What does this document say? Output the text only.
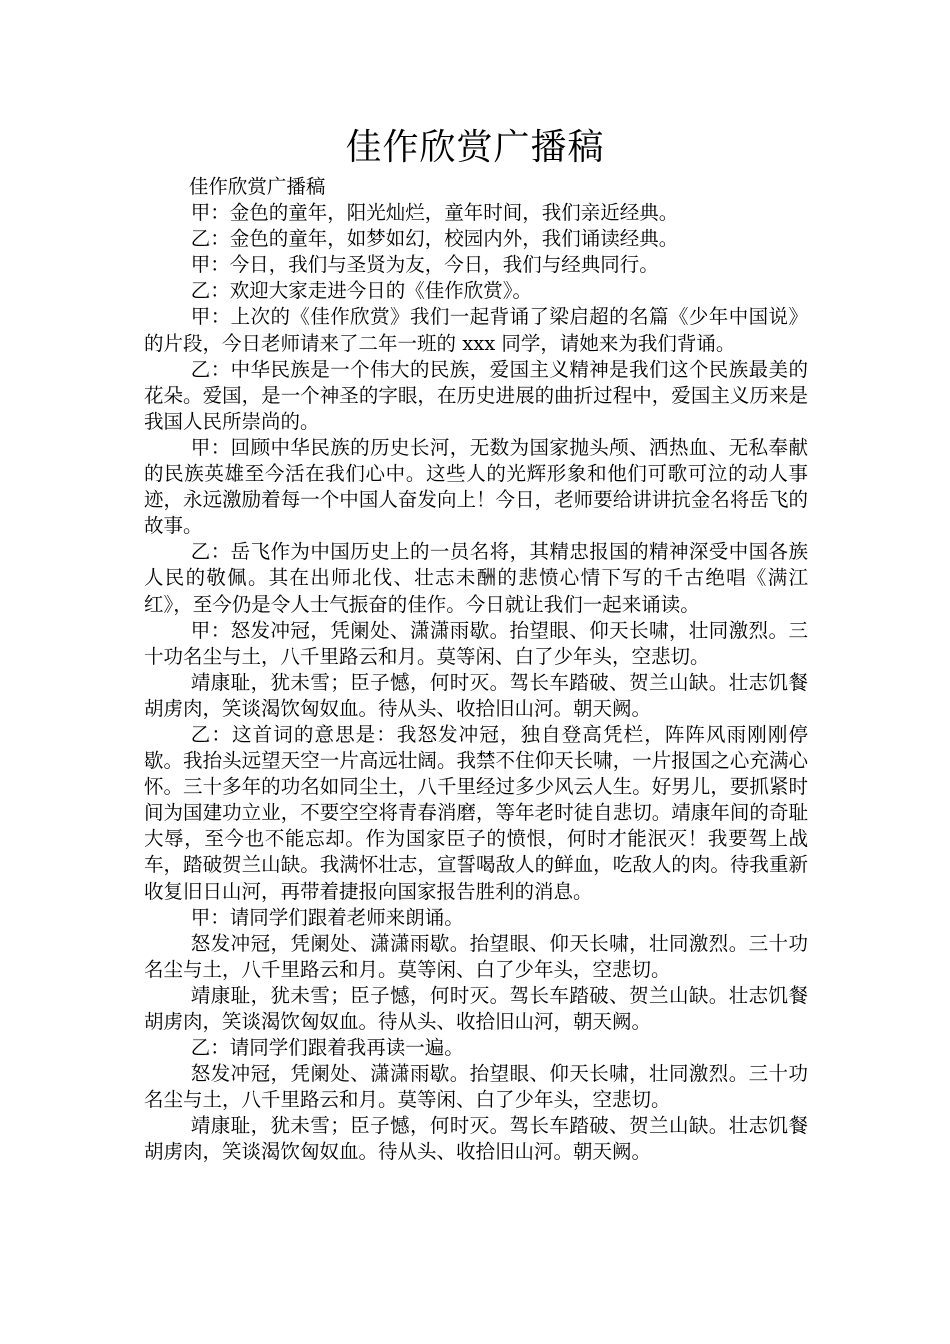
佳作欣赏广播稿

佳作欣赏广播稿

甲：金色的童年，阳光灿烂，童年时间，我们亲近经典。

乙：金色的童年，如梦如幻，校园内外，我们诵读经典。

甲：今日，我们与圣贤为友，今日，我们与经典同行。

乙：欢迎大家走进今日的《佳作欣赏》。

甲：上次的《佳作欣赏》我们一起背诵了梁启超的名篇《少年中国说》的片段，今日老师请来了二年一班的 xxx 同学，请她来为我们背诵。

乙：中华民族是一个伟大的民族，爱国主义精神是我们这个民族最美的花朵。爱国，是一个神圣的字眼，在历史进展的曲折过程中，爱国主义历来是我国人民所崇尚的。

甲：回顾中华民族的历史长河，无数为国家抛头颅、洒热血、无私奉献的民族英雄至今活在我们心中。这些人的光辉形象和他们可歌可泣的动人事迹，永远激励着每一个中国人奋发向上！今日，老师要给讲讲抗金名将岳飞的故事。

乙：岳飞作为中国历史上的一员名将，其精忠报国的精神深受中国各族人民的敬佩。其在出师北伐、壮志未酬的悲愤心情下写的千古绝唱《满江红》，至今仍是令人士气振奋的佳作。今日就让我们一起来诵读。

甲：怒发冲冠，凭阑处、潇潇雨歇。抬望眼、仰天长啸，壮同激烈。三十功名尘与土，八千里路云和月。莫等闲、白了少年头，空悲切。

靖康耻，犹未雪；臣子憾，何时灭。驾长车踏破、贺兰山缺。壮志饥餐胡虏肉，笑谈渴饮匈奴血。待从头、收拾旧山河。朝天阙。

乙：这首词的意思是：我怒发冲冠，独自登高凭栏，阵阵风雨刚刚停歇。我抬头远望天空一片高远壮阔。我禁不住仰天长啸，一片报国之心充满心怀。三十多年的功名如同尘土，八千里经过多少风云人生。好男儿，要抓紧时间为国建功立业，不要空空将青春消磨，等年老时徒自悲切。靖康年间的奇耻大辱，至今也不能忘却。作为国家臣子的愤恨，何时才能泯灭！我要驾上战车，踏破贺兰山缺。我满怀壮志，宣誓喝敌人的鲜血，吃敌人的肉。待我重新收复旧日山河，再带着捷报向国家报告胜利的消息。

甲：请同学们跟着老师来朗诵。

怒发冲冠，凭阑处、潇潇雨歇。抬望眼、仰天长啸，壮同激烈。三十功名尘与土，八千里路云和月。莫等闲、白了少年头，空悲切。

靖康耻，犹未雪；臣子憾，何时灭。驾长车踏破、贺兰山缺。壮志饥餐胡虏肉，笑谈渴饮匈奴血。待从头、收拾旧山河，朝天阙。

乙：请同学们跟着我再读一遍。

怒发冲冠，凭阑处、潇潇雨歇。抬望眼、仰天长啸，壮同激烈。三十功名尘与土，八千里路云和月。莫等闲、白了少年头，空悲切。

靖康耻，犹未雪；臣子憾，何时灭。驾长车踏破、贺兰山缺。壮志饥餐胡虏肉，笑谈渴饮匈奴血。待从头、收拾旧山河。朝天阙。
